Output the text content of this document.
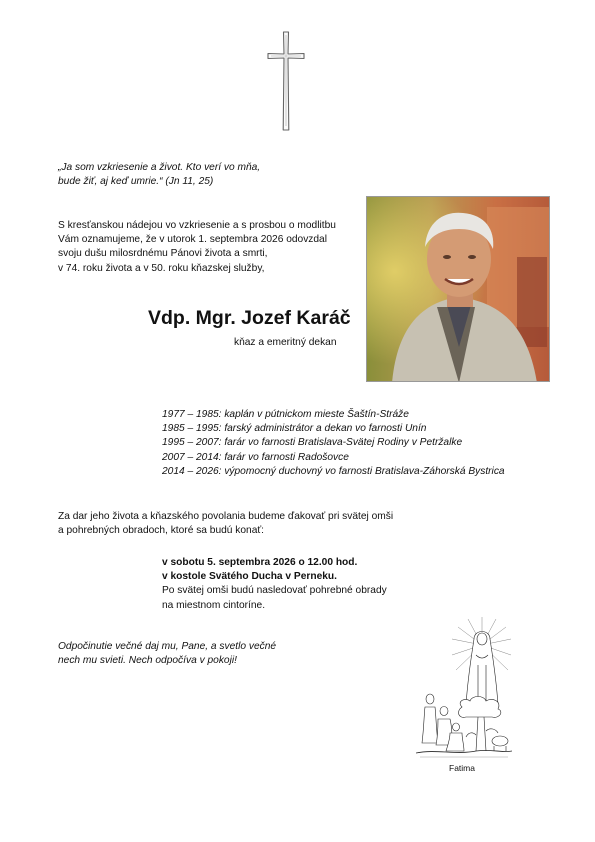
„Ja som vzkriesenie a život. Kto verí vo mňa,
bude žiť, aj keď umrie.“ (Jn 11, 25)
S kresťanskou nádejou vo vzkriesenie a s prosbou o modlitbu
Vám oznamujeme, že v utorok 1. septembra 2026 odovzdal
svoju dušu milosrdnému Pánovi života a smrti,
v 74. roku života a v 50. roku kňazskej služby,
Vdp. Mgr. Jozef Karáč
kňaz a emeritný dekan
1977 – 1985: kaplán v pútnickom mieste Šaštín-Stráže
1985 – 1995: farský administrátor a dekan vo farnosti Unín
1995 – 2007: farár vo farnosti Bratislava-Svätej Rodiny v Petržalke
2007 – 2014: farár vo farnosti Radošovce
2014 – 2026: výpomocný duchovný vo farnosti Bratislava-Záhorská Bystrica
Za dar jeho života a kňazského povolania budeme ďakovať pri svätej omši
a pohrebných obradoch, ktoré sa budú konať:
v sobotu 5. septembra 2026 o 12.00 hod.
v kostole Svätého Ducha v Perneku.
Po svätej omši budú nasledovať pohrebné obrady
na miestnom cintoríne.
Odpočinutie večné daj mu, Pane, a svetlo večné
nech mu svieti. Nech odpočíva v pokoji!
Fatima
